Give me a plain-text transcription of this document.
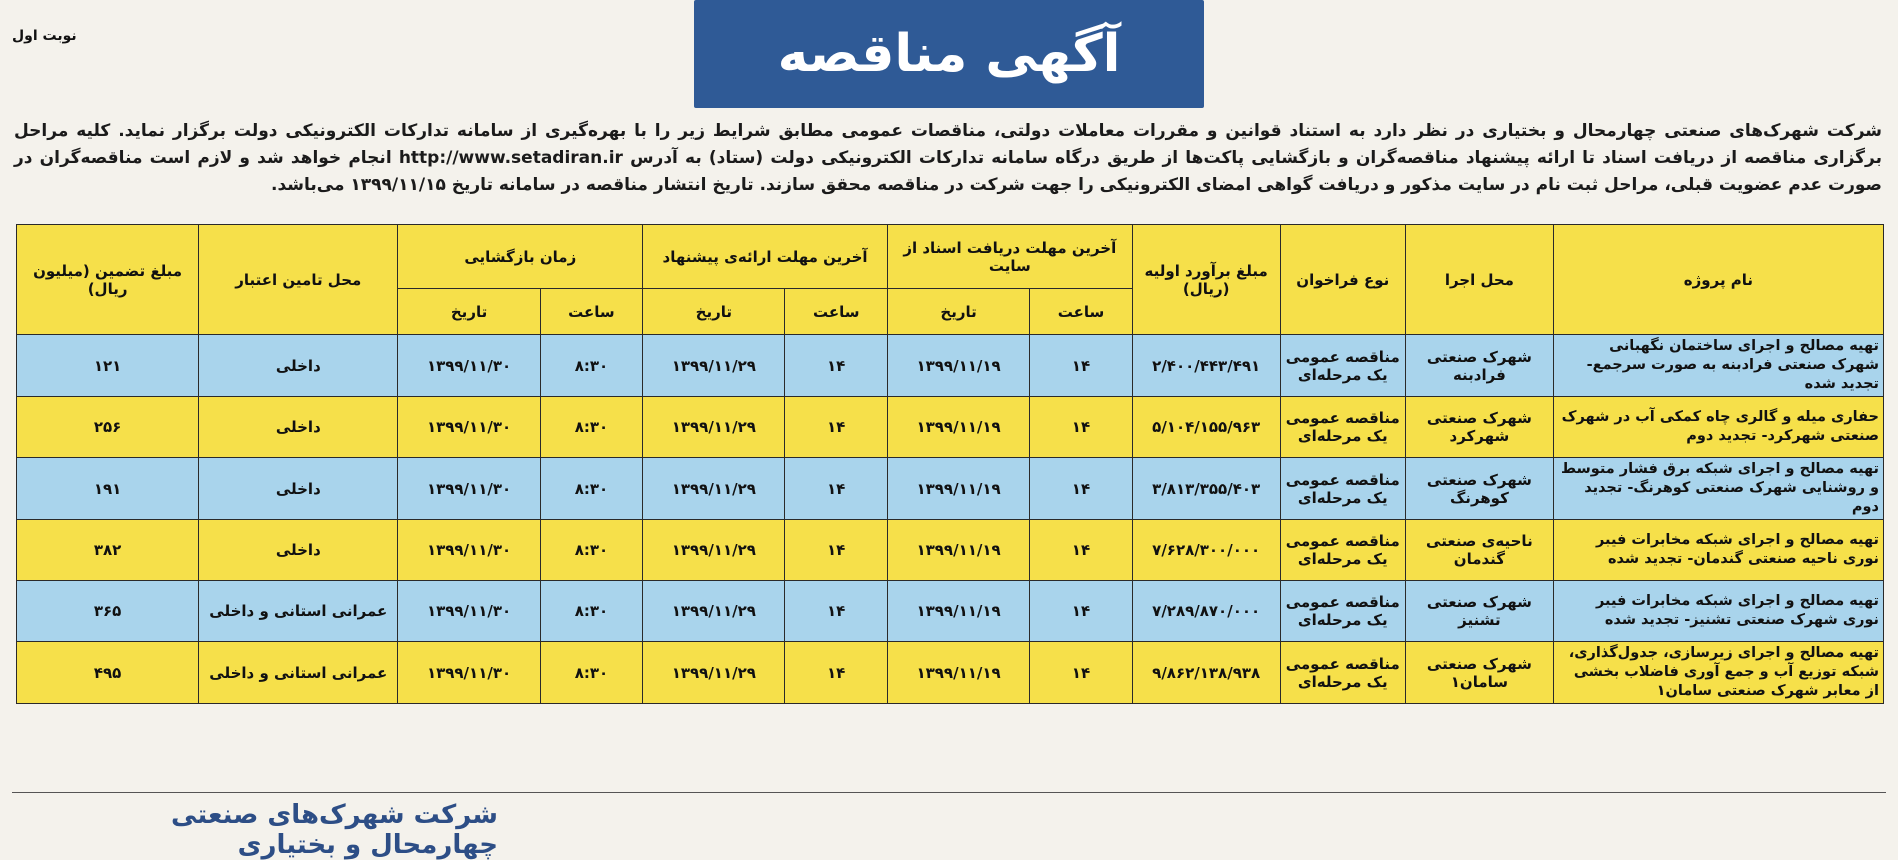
نوبت اول	آگهی مناقصه

شرکت شهرک‌های صنعتی چهارمحال و بختیاری در نظر دارد به استناد قوانین و مقررات معاملات دولتی، مناقصات عمومی مطابق شرایط زیر را با بهره‌گیری از سامانه تدارکات الکترونیکی دولت برگزار نماید. کلیه مراحل برگزاری مناقصه از دریافت اسناد تا ارائه پیشنهاد مناقصه‌گران و بازگشایی پاکت‌ها از طریق درگاه سامانه تدارکات الکترونیکی دولت (ستاد) به آدرس http://www.setadiran.ir انجام خواهد شد و لازم است مناقصه‌گران در صورت عدم عضویت قبلی، مراحل ثبت نام در سایت مذکور و دریافت گواهی امضای الکترونیکی را جهت شرکت در مناقصه محقق سازند. تاریخ انتشار مناقصه در سامانه تاریخ ۱۳۹۹/۱۱/۱۵ می‌باشد.

نام پروژه	محل اجرا	نوع فراخوان	مبلغ برآورد اولیه (ریال)	آخرین مهلت دریافت اسناد از سایت		آخرین مهلت ارائه‌ی پیشنهاد		زمان بازگشایی		محل تامین اعتبار	مبلغ تضمین (میلیون ریال)
				ساعت	تاریخ	ساعت	تاریخ	ساعت	تاریخ		
تهیه مصالح و اجرای ساختمان نگهبانی شهرک صنعتی فرادبنه به صورت سرجمع- تجدید شده	شهرک صنعتی فرادبنه	مناقصه عمومی یک مرحله‌ای	۲/۴۰۰/۴۴۳/۴۹۱	۱۴	۱۳۹۹/۱۱/۱۹	۱۴	۱۳۹۹/۱۱/۲۹	۸:۳۰	۱۳۹۹/۱۱/۳۰	داخلی	۱۲۱
حفاری میله و گالری چاه کمکی آب در شهرک صنعتی شهرکرد- تجدید دوم	شهرک صنعتی شهرکرد	مناقصه عمومی یک مرحله‌ای	۵/۱۰۴/۱۵۵/۹۶۳	۱۴	۱۳۹۹/۱۱/۱۹	۱۴	۱۳۹۹/۱۱/۲۹	۸:۳۰	۱۳۹۹/۱۱/۳۰	داخلی	۲۵۶
تهیه مصالح و اجرای شبکه برق فشار متوسط و روشنایی شهرک صنعتی کوهرنگ- تجدید دوم	شهرک صنعتی کوهرنگ	مناقصه عمومی یک مرحله‌ای	۳/۸۱۳/۳۵۵/۴۰۳	۱۴	۱۳۹۹/۱۱/۱۹	۱۴	۱۳۹۹/۱۱/۲۹	۸:۳۰	۱۳۹۹/۱۱/۳۰	داخلی	۱۹۱
تهیه مصالح و اجرای شبکه مخابرات فیبر نوری ناحیه صنعتی گندمان- تجدید شده	ناحیه‌ی صنعتی گندمان	مناقصه عمومی یک مرحله‌ای	۷/۶۲۸/۳۰۰/۰۰۰	۱۴	۱۳۹۹/۱۱/۱۹	۱۴	۱۳۹۹/۱۱/۲۹	۸:۳۰	۱۳۹۹/۱۱/۳۰	داخلی	۳۸۲
تهیه مصالح و اجرای شبکه مخابرات فیبر نوری شهرک صنعتی تشنیز- تجدید شده	شهرک صنعتی تشنیز	مناقصه عمومی یک مرحله‌ای	۷/۲۸۹/۸۷۰/۰۰۰	۱۴	۱۳۹۹/۱۱/۱۹	۱۴	۱۳۹۹/۱۱/۲۹	۸:۳۰	۱۳۹۹/۱۱/۳۰	عمرانی استانی و داخلی	۳۶۵
تهیه مصالح و اجرای زیرسازی، جدول‌گذاری، شبکه توزیع آب و جمع آوری فاضلاب بخشی از معابر شهرک صنعتی سامان۱	شهرک صنعتی سامان۱	مناقصه عمومی یک مرحله‌ای	۹/۸۶۲/۱۳۸/۹۳۸	۱۴	۱۳۹۹/۱۱/۱۹	۱۴	۱۳۹۹/۱۱/۲۹	۸:۳۰	۱۳۹۹/۱۱/۳۰	عمرانی استانی و داخلی	۴۹۵
شرکت شهرک‌های صنعتی چهارمحال و بختیاری
